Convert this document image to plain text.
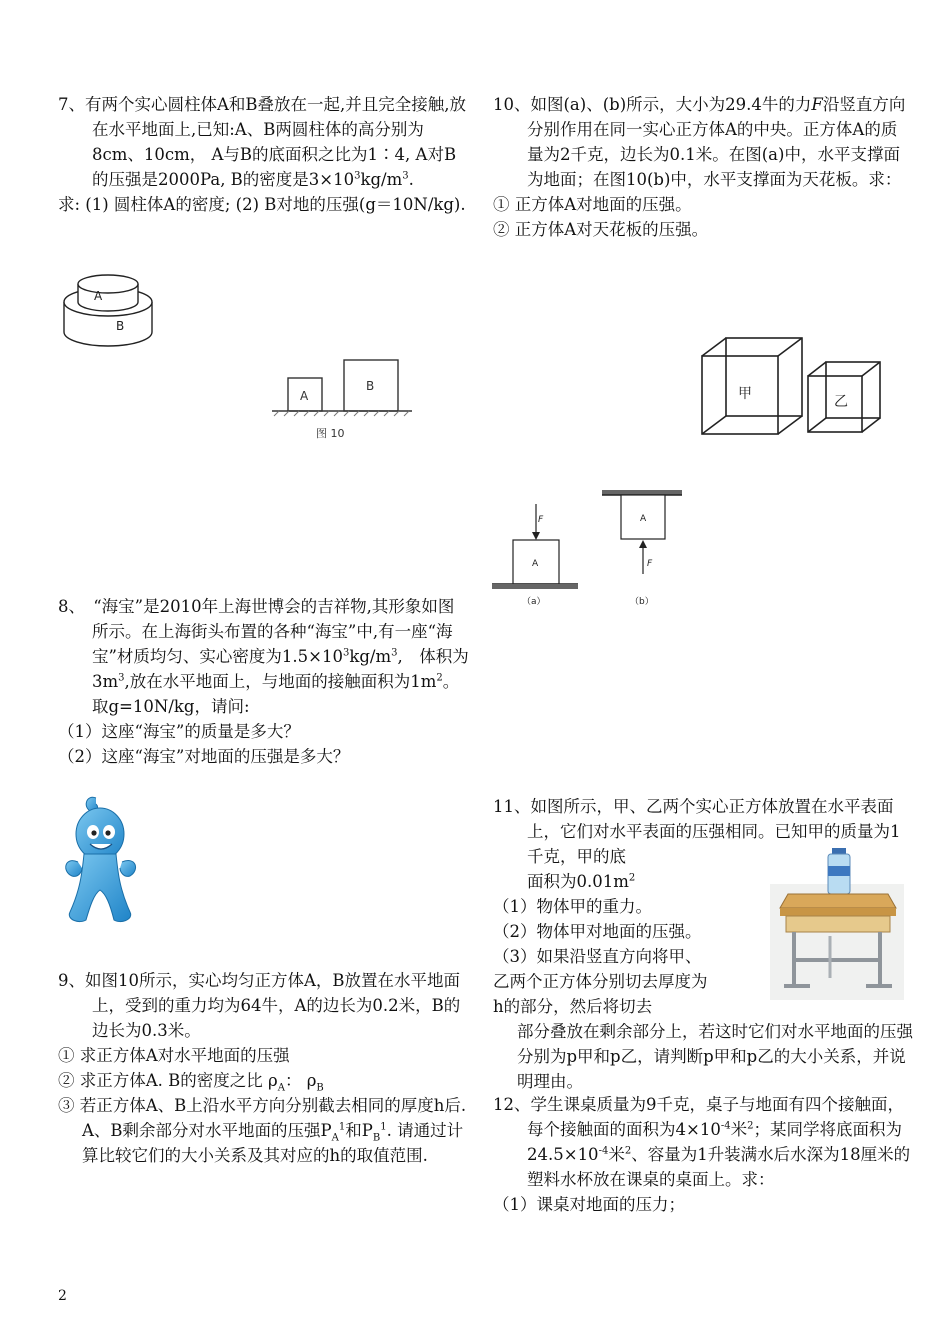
7、有两个实心圆柱体A和B叠放在一起,并且完全接触,放在水平地面上,已知:A、B两圆柱体的高分别为8cm、10cm， A与B的底面积之比为1∶4, A对B的压强是2000Pa, B的密度是$3\times 10^3kg/m^3$.

求: (1) 圆柱体A的密度; (2) B对地的压强(g＝10N/kg).

A
B
A
B
图 10

8、　“海宝”是2010年上海世博会的吉祥物,其形象如图所示。在上海街头布置的各种“海宝”中,有一座“海宝”材质均匀、实心密度为$1.5\times 10^3kg/m^3$,　体积为$3m^3$,放在水平地面上，与地面的接触面积为$1m^2$。取g=10N/kg，请问:

（1）这座“海宝”的质量是多大？

（2）这座“海宝”对地面的压强是多大？

9、如图10所示，实心均匀正方体A，B放置在水平地面上，受到的重力均为64牛，A的边长为0.2米，B的边长为0.3米。

① 求正方体A对水平地面的压强

② 求正方体A. B的密度之比 $\rho_A$： $\rho_B$

③ 若正方体A、B上沿水平方向分别截去相同的厚度h后. A、B剩余部分对水平地面的压强$P_A^1$和$P_B^1$. 请通过计算比较它们的大小关系及其对应的h的取值范围.

10、如图(a)、(b)所示，大小为29.4牛的力F沿竖直方向分别作用在同一实心正方体A的中央。正方体A的质量为2千克，边长为0.1米。在图(a)中，水平支撑面为地面；在图10(b)中，水平支撑面为天花板。求：

① 正方体A对地面的压强。

② 正方体A对天花板的压强。

甲	乙
F
A
（a）
A
F
（b）

11、如图所示，甲、乙两个实心正方体放置在水平表面上，它们对水平表面的压强相同。已知甲的质量为1千克，甲的底

面积为$0.01m^2$

（1）物体甲的重力。

（2）物体甲对地面的压强。

（3）如果沿竖直方向将甲、乙两个正方体分别切去厚度为h的部分，然后将切去
部分叠放在剩余部分上，若这时它们对水平地面的压强分别为p甲和p乙，请判断p甲和p乙的大小关系，并说明理由。

12、学生课桌质量为9千克，桌子与地面有四个接触面，每个接触面的面积为$4\times 10^{-4}$米$^2$；某同学将底面积为$24.5\times 10^{-4}$米$^2$、容量为1升装满水后水深为18厘米的塑料水杯放在课桌的桌面上。求：

（1）课桌对地面的压力；

2
